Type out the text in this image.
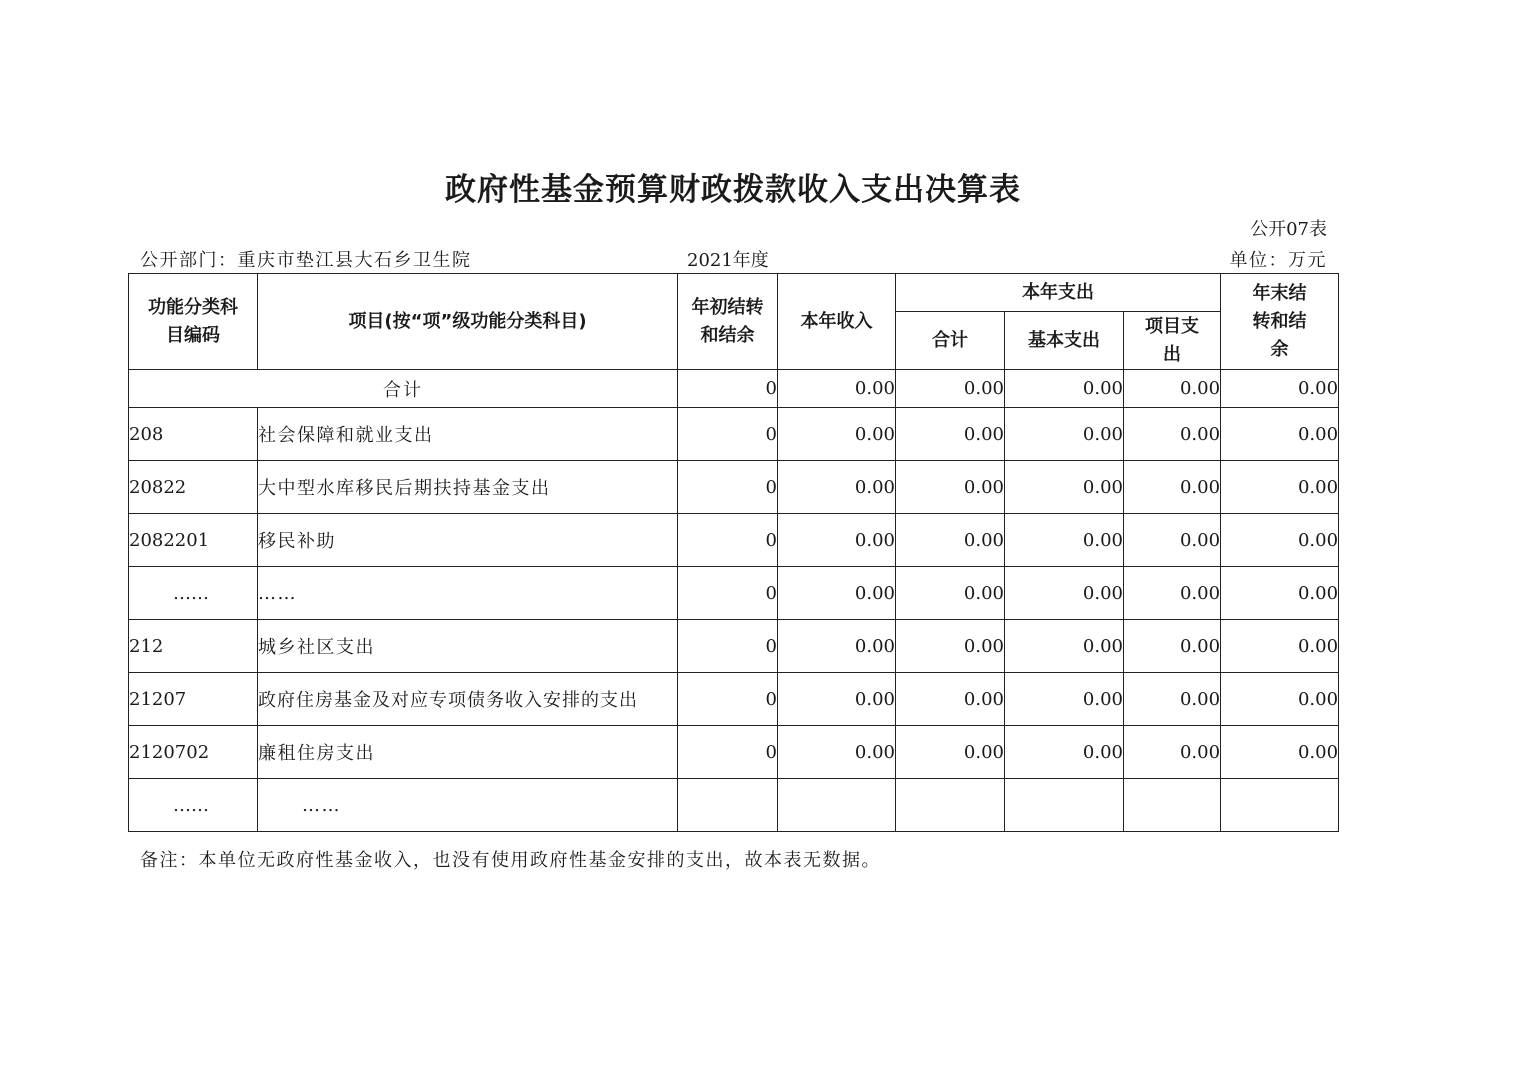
政府性基金预算财政拨款收入支出决算表
公开07表
公开部门：重庆市垫江县大石乡卫生院	2021年度	单位：万元
功能分类科目编码	项目(按“项”级功能分类科目)	年初结转和结余	本年收入	本年支出			年末结转和结余
				合计	基本支出	项目支出	
合计		0	0.00	0.00	0.00	0.00	0.00
208	社会保障和就业支出	0	0.00	0.00	0.00	0.00	0.00
20822	大中型水库移民后期扶持基金支出	0	0.00	0.00	0.00	0.00	0.00
2082201	移民补助	0	0.00	0.00	0.00	0.00	0.00
……	……	0	0.00	0.00	0.00	0.00	0.00
212	城乡社区支出	0	0.00	0.00	0.00	0.00	0.00
21207	政府住房基金及对应专项债务收入安排的支出	0	0.00	0.00	0.00	0.00	0.00
2120702	廉租住房支出	0	0.00	0.00	0.00	0.00	0.00
……	……						
备注：本单位无政府性基金收入，也没有使用政府性基金安排的支出，故本表无数据。
